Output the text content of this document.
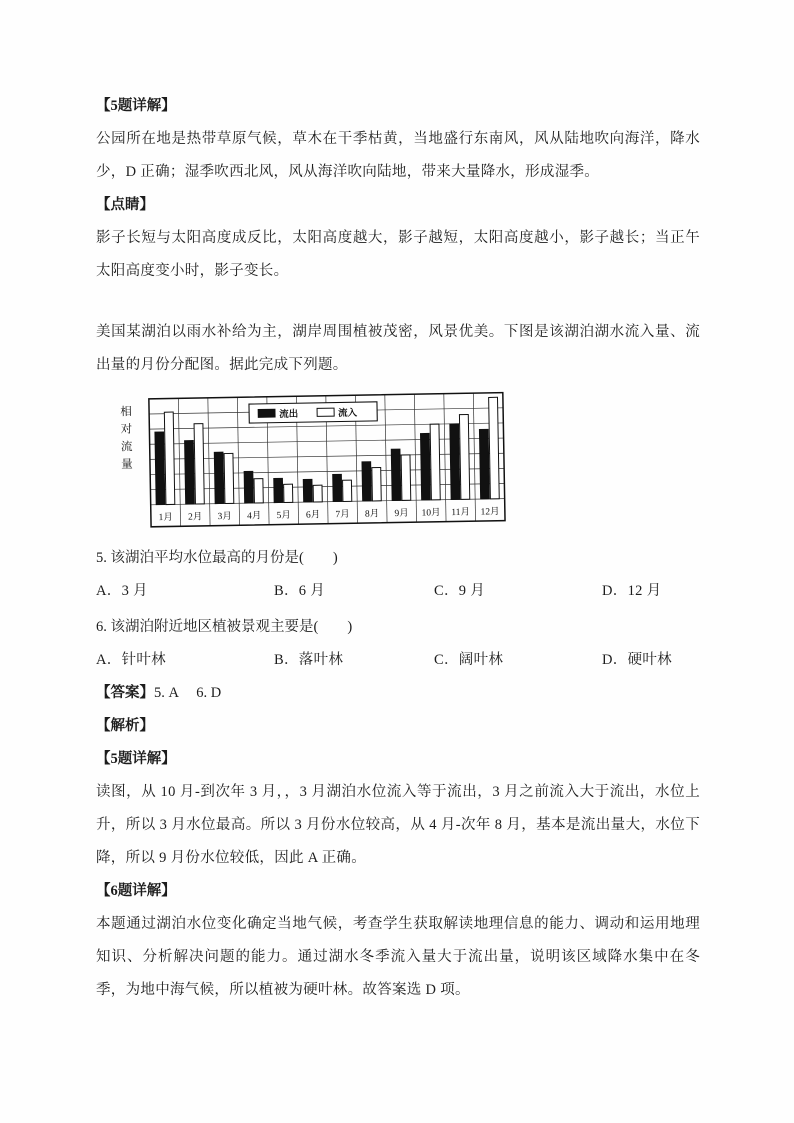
【5题详解】

公园所在地是热带草原气候，草木在干季枯黄，当地盛行东南风，风从陆地吹向海洋，降水少，D 正确；湿季吹西北风，风从海洋吹向陆地，带来大量降水，形成湿季。

【点睛】

影子长短与太阳高度成反比，太阳高度越大，影子越短，太阳高度越小，影子越长；当正午太阳高度变小时，影子变长。

美国某湖泊以雨水补给为主，湖岸周围植被茂密，风景优美。下图是该湖泊湖水流入量、流出量的月份分配图。据此完成下列题。

1月 2月 3月 4月 5月 6月 7月 8月 9月 10月 11月 12月
相
对
流
量
流出	流入

5. 该湖泊平均水位最高的月份是(　　)

A．3 月	B．6 月	C．9 月	D．12 月

6. 该湖泊附近地区植被景观主要是(　　)

A．针叶林	B．落叶林	C．阔叶林	D．硬叶林

【答案】5. A　 6. D

【解析】

【5题详解】

读图，从 10 月-到次年 3 月，，3 月湖泊水位流入等于流出，3 月之前流入大于流出，水位上升，所以 3 月水位最高。所以 3 月份水位较高，从 4 月-次年 8 月，基本是流出量大，水位下降，所以 9 月份水位较低，因此 A 正确。

【6题详解】

本题通过湖泊水位变化确定当地气候，考查学生获取解读地理信息的能力、调动和运用地理知识、分析解决问题的能力。通过湖水冬季流入量大于流出量，说明该区域降水集中在冬季，为地中海气候，所以植被为硬叶林。故答案选 D 项。
